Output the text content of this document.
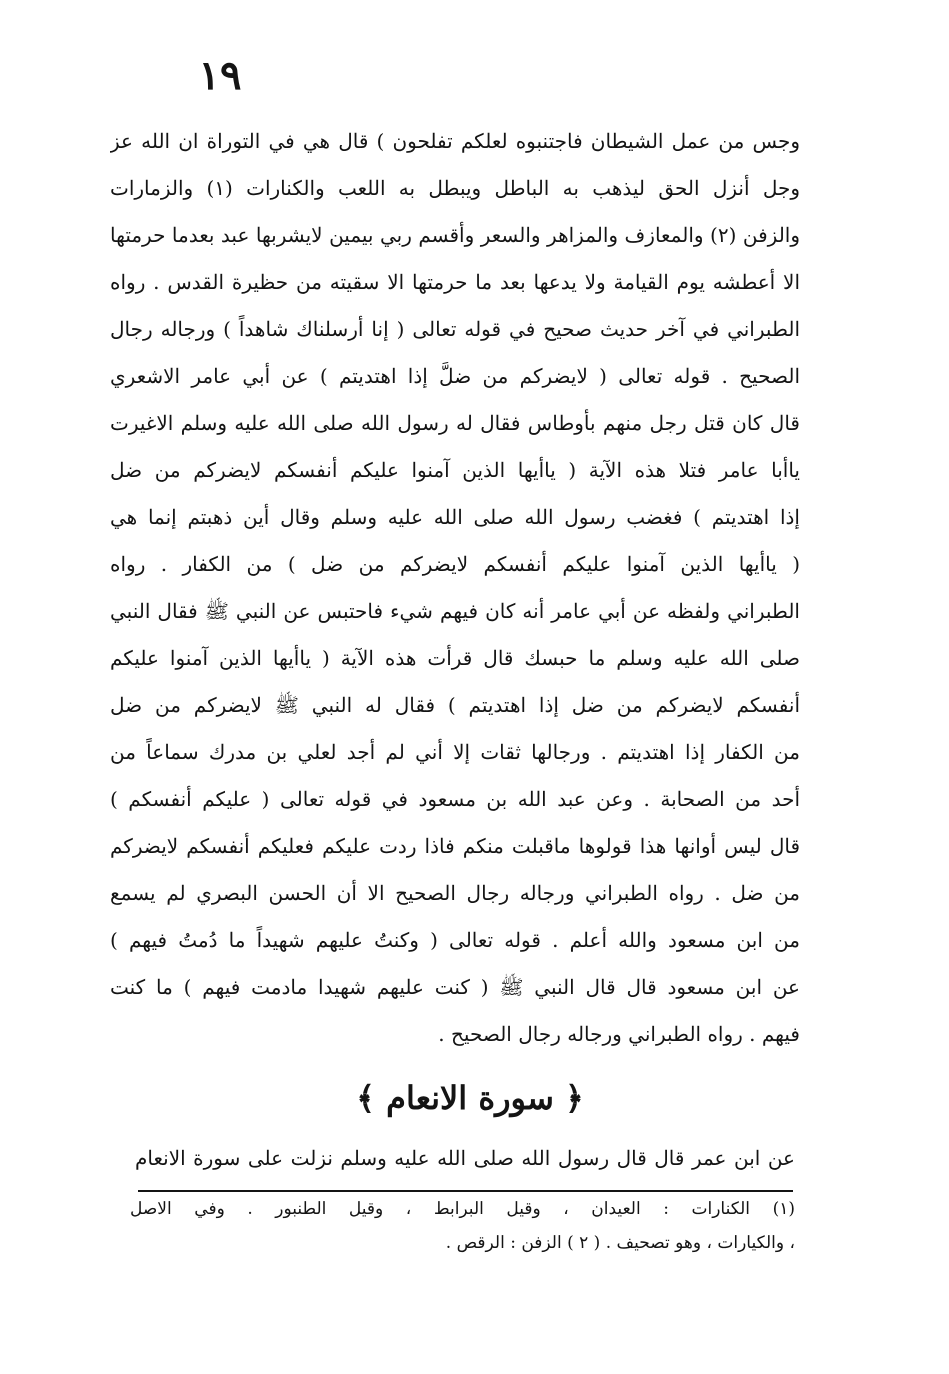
١٩
وجس من عمل الشيطان فاجتنبوه لعلكم تفلحون ) قال هي في التوراة ان الله عز
وجل أنزل الحق ليذهب به الباطل ويبطل به اللعب والكنارات (١) والزمارات
والزفن (٢) والمعازف والمزاهر والسعر وأقسم ربي بيمين لايشربها عبد بعدما حرمتها
الا أعطشه يوم القيامة ولا يدعها بعد ما حرمتها الا سقيته من حظيرة القدس . رواه
الطبراني في آخر حديث صحيح في قوله تعالى ( إنا أرسلناك شاهداً ) ورجاله رجال
الصحيح . قوله تعالى ( لايضركم من ضلَّ إذا اهتديتم ) عن أبي عامر الاشعري
قال كان قتل رجل منهم بأوطاس فقال له رسول الله صلى الله عليه وسلم الاغيرت
ياأبا عامر فتلا هذه الآية ( ياأيها الذين آمنوا عليكم أنفسكم لايضركم من ضل
إذا اهتديتم ) فغضب رسول الله صلى الله عليه وسلم وقال أين ذهبتم إنما هي
( ياأيها الذين آمنوا عليكم أنفسكم لايضركم من ضل ) من الكفار . رواه
الطبراني ولفظه عن أبي عامر أنه كان فيهم شيء فاحتبس عن النبي ﷺ فقال النبي
صلى الله عليه وسلم ما حبسك قال قرأت هذه الآية ( ياأيها الذين آمنوا عليكم
أنفسكم لايضركم من ضل إذا اهتديتم ) فقال له النبي ﷺ لايضركم من ضل
من الكفار إذا اهتديتم . ورجالها ثقات إلا أني لم أجد لعلي بن مدرك سماعاً من
أحد من الصحابة . وعن عبد الله بن مسعود في قوله تعالى ( عليكم أنفسكم )
قال ليس أوانها هذا قولوها ماقبلت منكم فاذا ردت عليكم فعليكم أنفسكم لايضركم
من ضل . رواه الطبراني ورجاله رجال الصحيح الا أن الحسن البصري لم يسمع
من ابن مسعود والله أعلم . قوله تعالى ( وكنتُ عليهم شهيداً ما دُمتُ فيهم )
عن ابن مسعود قال قال النبي ﷺ ( كنت عليهم شهيدا مادمت فيهم ) ما كنت
فيهم . رواه الطبراني ورجاله رجال الصحيح .
﴿ سورة الانعام ﴾
عن ابن عمر قال قال رسول الله صلى الله عليه وسلم نزلت على سورة الانعام
(١) الكنارات : العيدان ، وقيل البرابط ، وقيل الطنبور . وفي الاصل
، والكيارات ، وهو تصحيف . ( ٢ ) الزفن : الرقص .
